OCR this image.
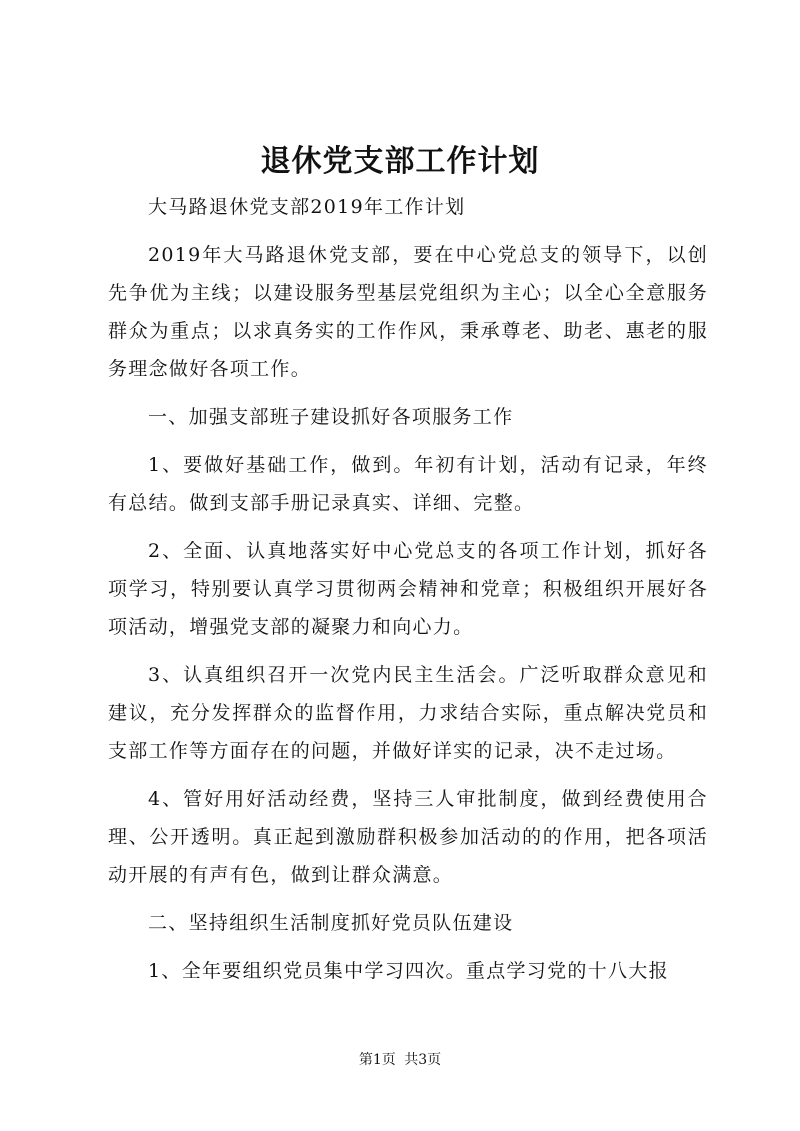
退休党支部工作计划

大马路退休党支部2019年工作计划

2019年大马路退休党支部，要在中心党总支的领导下，以创先争优为主线；以建设服务型基层党组织为主心；以全心全意服务群众为重点；以求真务实的工作作风，秉承尊老、助老、惠老的服务理念做好各项工作。

一、加强支部班子建设抓好各项服务工作

1、要做好基础工作，做到。年初有计划，活动有记录，年终有总结。做到支部手册记录真实、详细、完整。

2、全面、认真地落实好中心党总支的各项工作计划，抓好各项学习，特别要认真学习贯彻两会精神和党章；积极组织开展好各项活动，增强党支部的凝聚力和向心力。

3、认真组织召开一次党内民主生活会。广泛听取群众意见和建议，充分发挥群众的监督作用，力求结合实际，重点解决党员和支部工作等方面存在的问题，并做好详实的记录，决不走过场。

4、管好用好活动经费，坚持三人审批制度，做到经费使用合理、公开透明。真正起到激励群积极参加活动的的作用，把各项活动开展的有声有色，做到让群众满意。

二、坚持组织生活制度抓好党员队伍建设

1、全年要组织党员集中学习四次。重点学习党的十八大报

第1页 共3页
